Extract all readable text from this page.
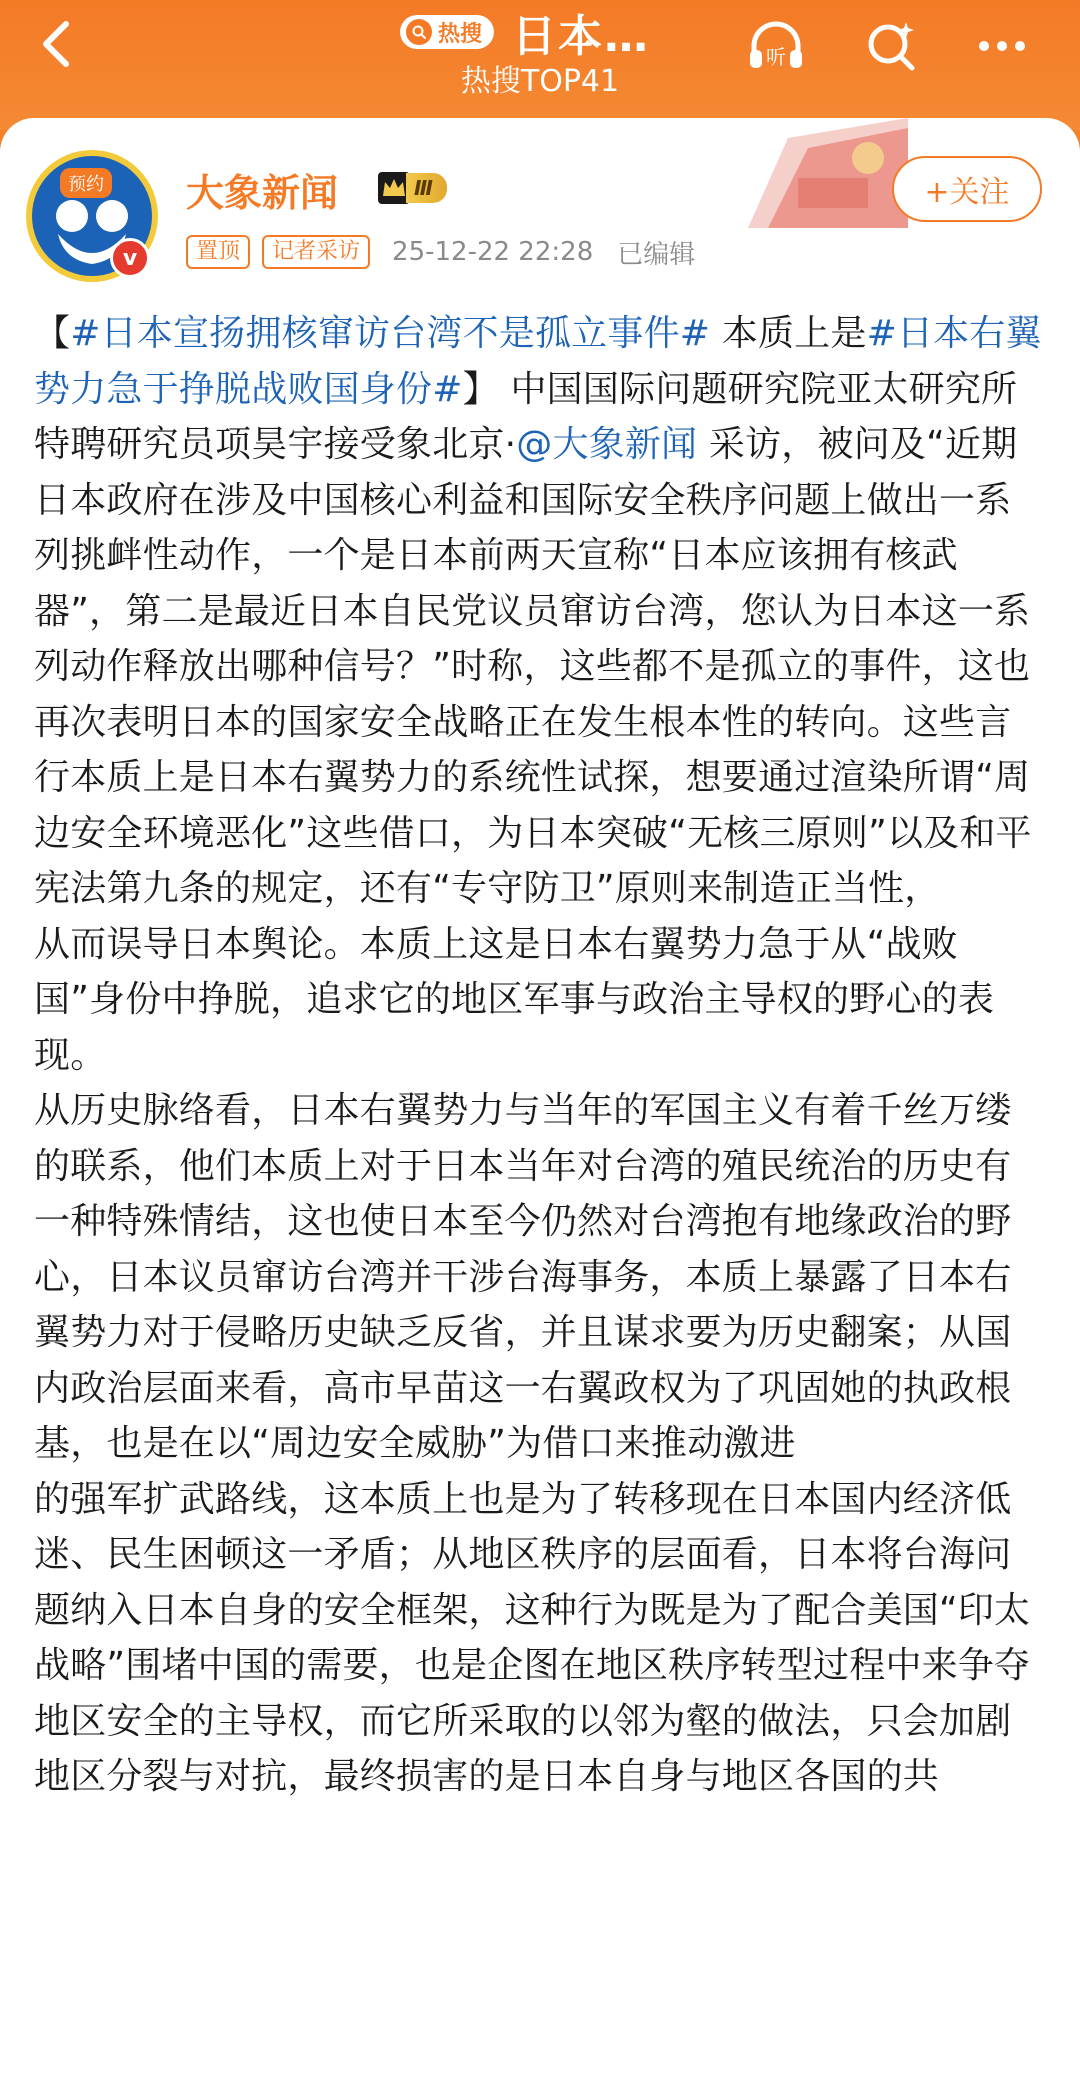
热搜 日本…
热搜TOP41
听
预约
v
大象新闻	Ⅲ	+关注
置顶	记者采访	25-12-22 22:28 已编辑

【#日本宣扬拥核窜访台湾不是孤立事件# 本质上是#日本右翼势力急于挣脱战败国身份#】 中国国际问题研究院亚太研究所特聘研究员项昊宇接受象北京·@大象新闻 采访，被问及“近期日本政府在涉及中国核心利益和国际安全秩序问题上做出一系列挑衅性动作，一个是日本前两天宣称“日本应该拥有核武器”，第二是最近日本自民党议员窜访台湾，您认为日本这一系列动作释放出哪种信号？”时称，这些都不是孤立的事件，这也再次表明日本的国家安全战略正在发生根本性的转向。这些言行本质上是日本右翼势力的系统性试探，想要通过渲染所谓“周边安全环境恶化”这些借口，为日本突破“无核三原则”以及和平宪法第九条的规定，还有“专守防卫”原则来制造正当性，

从而误导日本舆论。本质上这是日本右翼势力急于从“战败国”身份中挣脱，追求它的地区军事与政治主导权的野心的表现。

从历史脉络看，日本右翼势力与当年的军国主义有着千丝万缕的联系，他们本质上对于日本当年对台湾的殖民统治的历史有一种特殊情结，这也使日本至今仍然对台湾抱有地缘政治的野心，日本议员窜访台湾并干涉台海事务，本质上暴露了日本右翼势力对于侵略历史缺乏反省，并且谋求要为历史翻案；从国内政治层面来看，高市早苗这一右翼政权为了巩固她的执政根基，也是在以“周边安全威胁”为借口来推动激进

的强军扩武路线，这本质上也是为了转移现在日本国内经济低迷、民生困顿这一矛盾；从地区秩序的层面看，日本将台海问题纳入日本自身的安全框架，这种行为既是为了配合美国“印太战略”围堵中国的需要，也是企图在地区秩序转型过程中来争夺地区安全的主导权，而它所采取的以邻为壑的做法，只会加剧地区分裂与对抗，最终损害的是日本自身与地区各国的共
